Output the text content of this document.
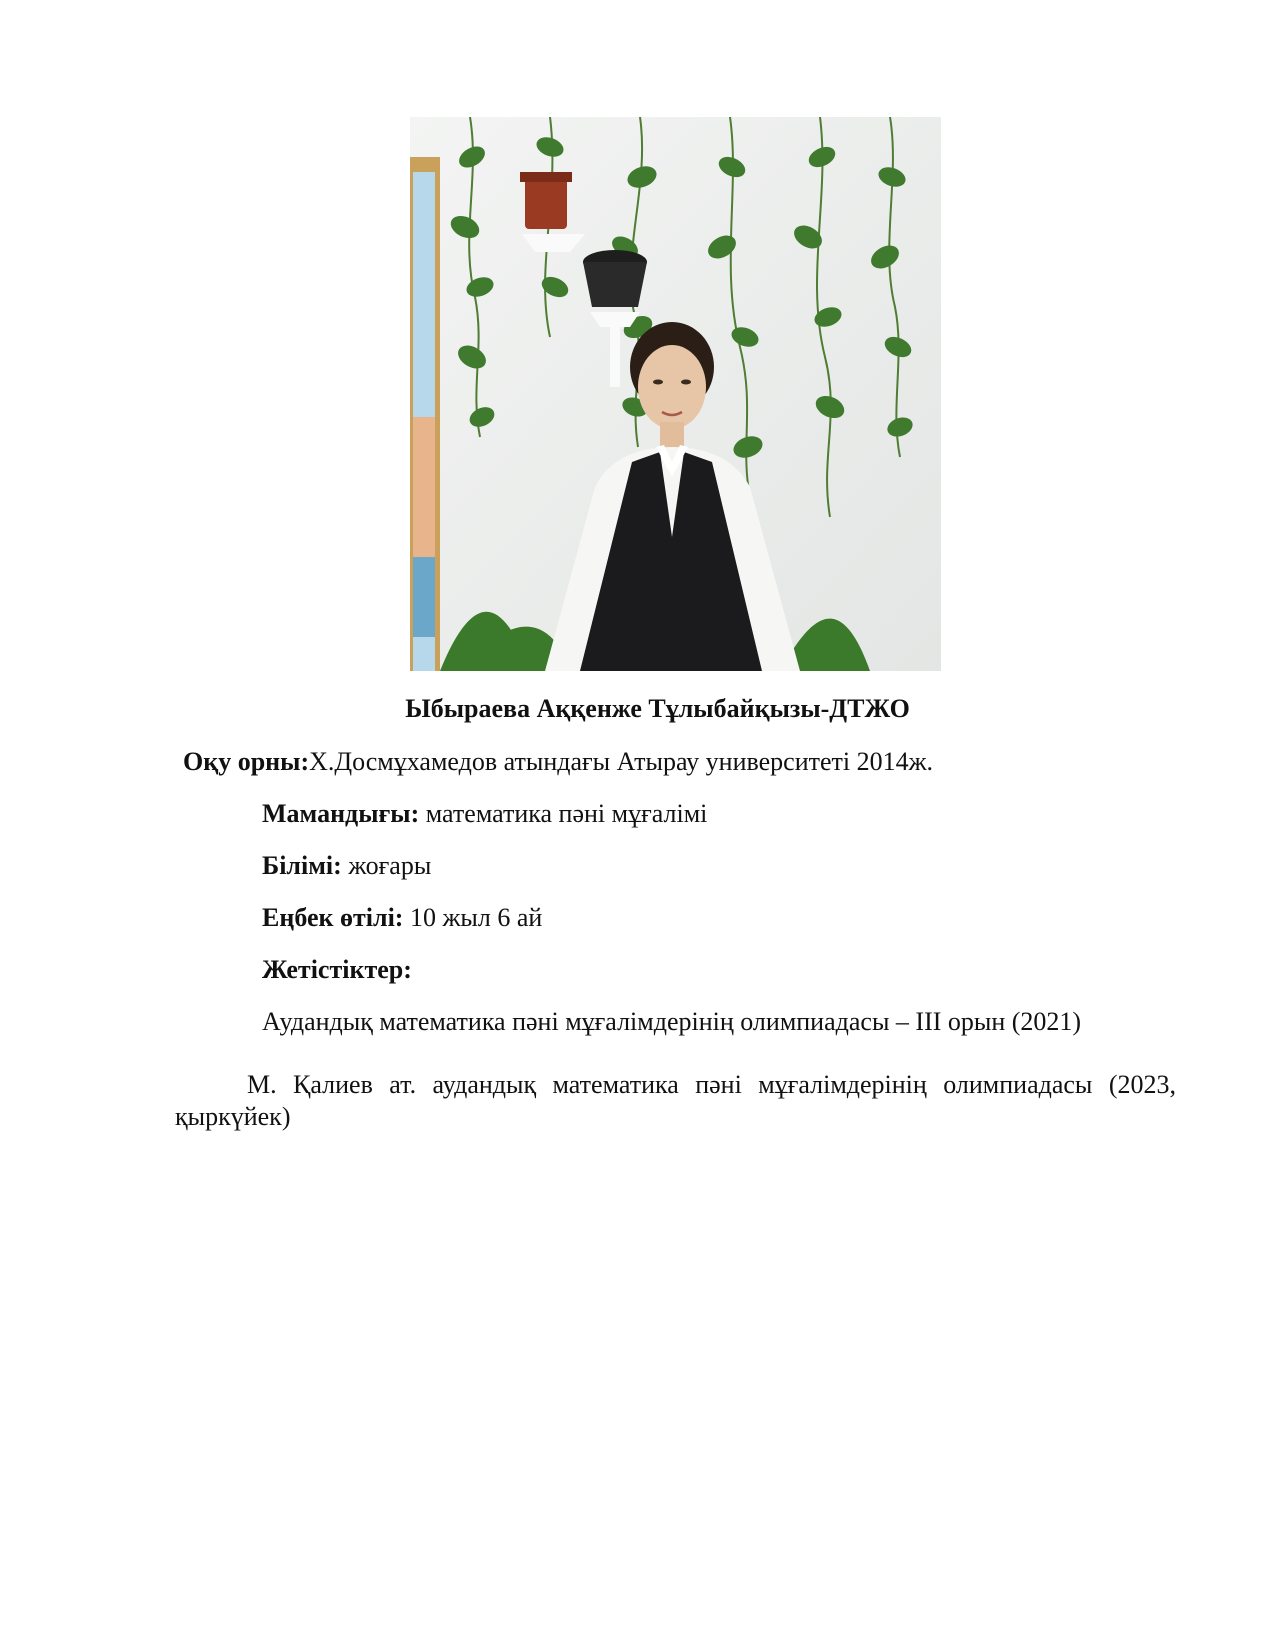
Ыбыраева Аққенже Тұлыбайқызы-ДТЖО
Оқу орны:Х.Досмұхамедов атындағы Атырау университеті 2014ж.
Мамандығы: математика пәні мұғалімі
Білімі: жоғары
Еңбек өтілі: 10 жыл 6 ай
Жетістіктер:
Аудандық математика пәні мұғалімдерінің олимпиадасы – ІІІ орын (2021)
М. Қалиев ат. аудандық математика пәні мұғалімдерінің олимпиадасы (2023, қыркүйек)
